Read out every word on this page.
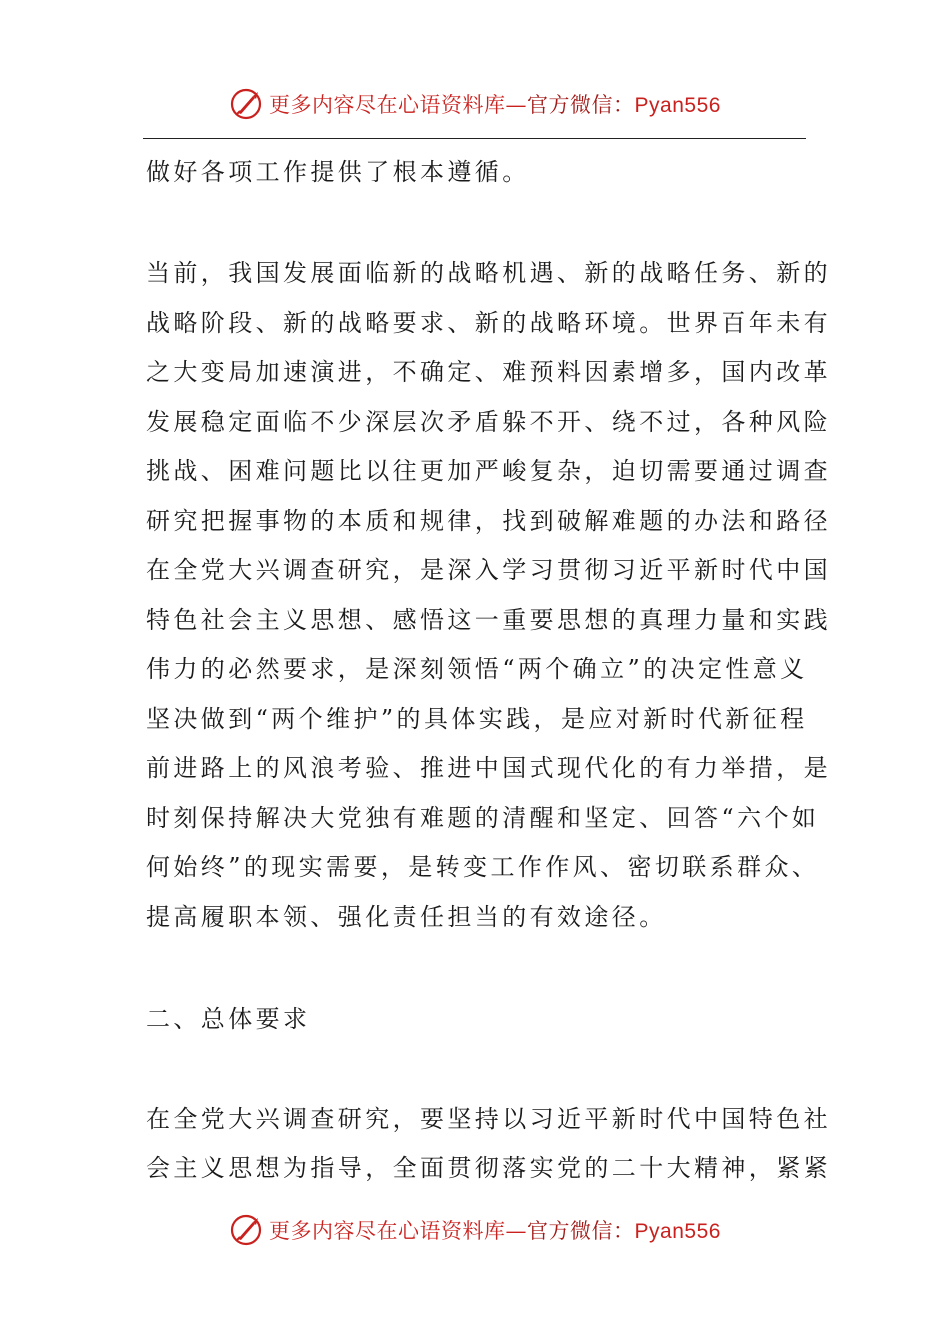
更多内容尽在心语资料库—官方微信：Pyan556
做好各项工作提供了根本遵循。
当前，我国发展面临新的战略机遇、新的战略任务、新的
战略阶段、新的战略要求、新的战略环境。世界百年未有
之大变局加速演进，不确定、难预料因素增多，国内改革
发展稳定面临不少深层次矛盾躲不开、绕不过，各种风险
挑战、困难问题比以往更加严峻复杂，迫切需要通过调查
研究把握事物的本质和规律，找到破解难题的办法和路径
在全党大兴调查研究，是深入学习贯彻习近平新时代中国
特色社会主义思想、感悟这一重要思想的真理力量和实践
伟力的必然要求，是深刻领悟“两个确立”的决定性意义
坚决做到“两个维护”的具体实践，是应对新时代新征程
前进路上的风浪考验、推进中国式现代化的有力举措，是
时刻保持解决大党独有难题的清醒和坚定、回答“六个如
何始终”的现实需要，是转变工作作风、密切联系群众、
提高履职本领、强化责任担当的有效途径。
二、总体要求
在全党大兴调查研究，要坚持以习近平新时代中国特色社
会主义思想为指导，全面贯彻落实党的二十大精神，紧紧
更多内容尽在心语资料库—官方微信：Pyan556
